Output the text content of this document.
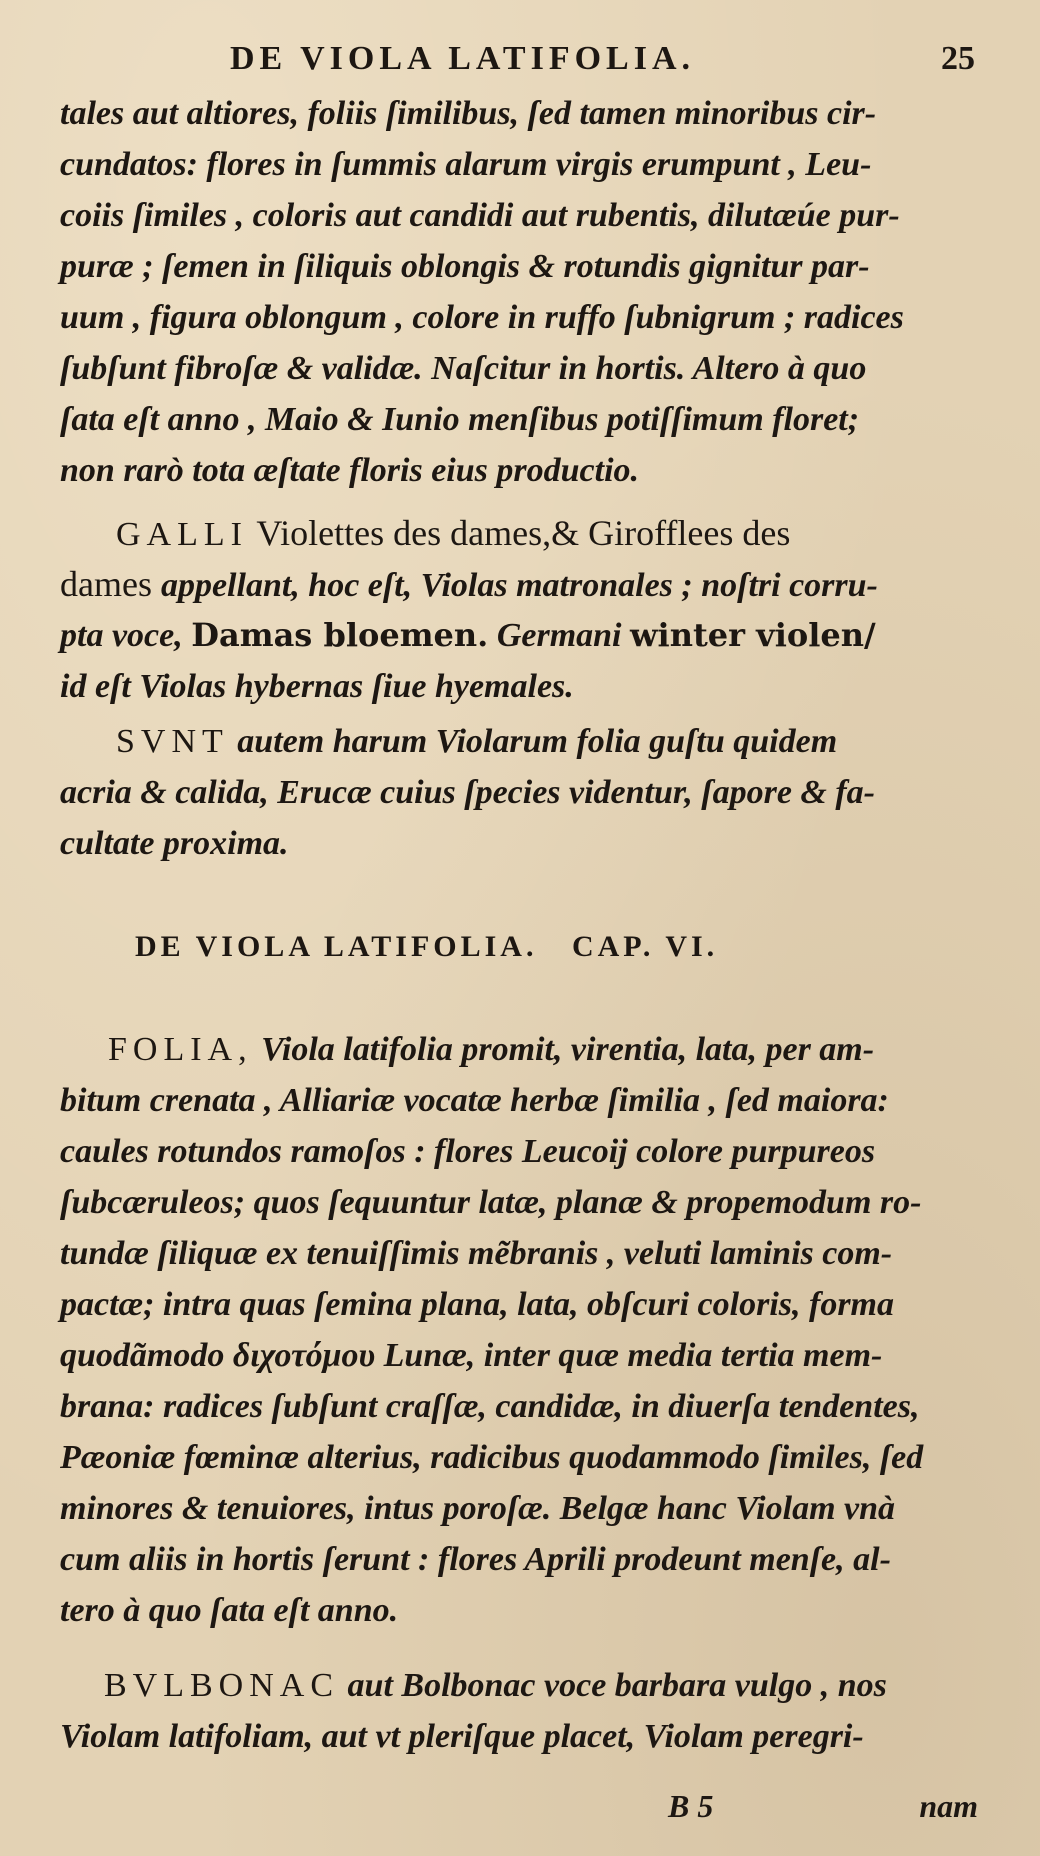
DE VIOLA LATIFOLIA.	25
tales aut altiores, foliis ſimilibus, ſed tamen minoribus cir-
cundatos: flores in ſummis alarum virgis erumpunt , Leu-
coiis ſimiles , coloris aut candidi aut rubentis, dilutæúe pur-
puræ ; ſemen in ſiliquis oblongis & rotundis gignitur par-
uum , figura oblongum , colore in ruffo ſubnigrum ; radices
ſubſunt fibroſæ & validæ. Naſcitur in hortis. Altero à quo
ſata eſt anno , Maio & Iunio menſibus potiſſimum floret;
non rarò tota æſtate floris eius productio.
GALLI Violettes des dames,& Girofflees des
dames appellant, hoc eſt, Violas matronales ; noſtri corru-
pta voce, Damas bloemen. Germani winter violen/
id eſt Violas hybernas ſiue hyemales.
SVNT autem harum Violarum folia guſtu quidem
acria & calida, Erucæ cuius ſpecies videntur, ſapore & fa-
cultate proxima.
DE VIOLA LATIFOLIA.   CAP. VI.
FOLIA, Viola latifolia promit, virentia, lata, per am-
bitum crenata , Alliariæ vocatæ herbæ ſimilia , ſed maiora:
caules rotundos ramoſos : flores Leucoij colore purpureos
ſubcæruleos; quos ſequuntur latæ, planæ & propemodum ro-
tundæ ſiliquæ ex tenuiſſimis mẽbranis , veluti laminis com-
pactæ; intra quas ſemina plana, lata, obſcuri coloris, forma
quodãmodo διχοτόμου Lunæ, inter quæ media tertia mem-
brana: radices ſubſunt craſſæ, candidæ, in diuerſa tendentes,
Pæoniæ fœminæ alterius, radicibus quodammodo ſimiles, ſed
minores & tenuiores, intus poroſæ. Belgæ hanc Violam vnà
cum aliis in hortis ſerunt : flores Aprili prodeunt menſe, al-
tero à quo ſata eſt anno.
BVLBONAC aut Bolbonac voce barbara vulgo , nos
Violam latifoliam, aut vt pleriſque placet, Violam peregri-
B 5	nam
